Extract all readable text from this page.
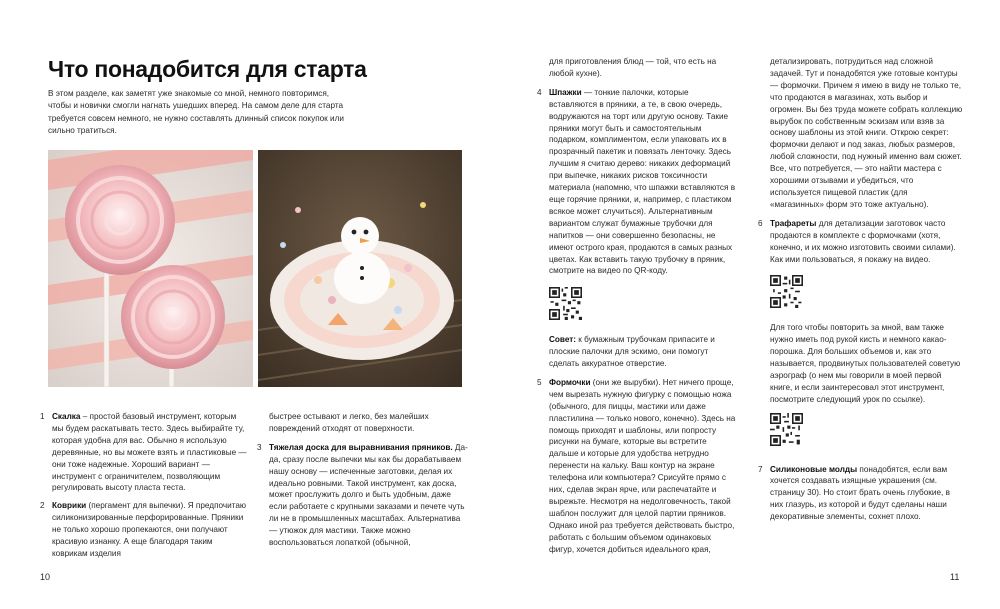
Что понадобится для старта
В этом разделе, как заметят уже знакомые со мной, немного повторимся, чтобы и новички смогли нагнать ушедших вперед. На самом деле для старта требуется совсем немного, не нужно составлять длинный список покупок или сильно тратиться.
1 Скалка – простой базовый инструмент, которым мы будем раскатывать тесто. Здесь выбирайте ту, которая удобна для вас. Обычно я использую деревянные, но вы можете взять и пластиковые — они тоже надежные. Хороший вариант — инструмент с ограничителем, позволяющим регулировать высоту пласта теста.
2 Коврики (пергамент для выпечки). Я предпочитаю силиконизированные перфорированные. Пряники не только хорошо пропекаются, они получают красивую изнанку. А еще благодаря таким коврикам изделия

быстрее остывают и легко, без малейших повреждений отходят от поверхности.

3 Тяжелая доска для выравнивания пряников. Да-да, сразу после выпечки мы как бы дорабатываем нашу основу — испеченные заготовки, делая их идеально ровными. Такой инструмент, как доска, может прослужить долго и быть удобным, даже если работаете с крупными заказами и печете чуть ли не в промышленных масштабах. Альтернатива — утюжок для мастики. Также можно воспользоваться лопаткой (обычной,

для приготовления блюд — той, что есть на любой кухне).

4 Шпажки — тонкие палочки, которые вставляются в пряники, а те, в свою очередь, водружаются на торт или другую основу. Такие пряники могут быть и самостоятельным подарком, комплиментом, если упаковать их в прозрачный пакетик и повязать ленточку. Здесь лучшим я считаю дерево: никаких деформаций при выпечке, никаких рисков токсичности материала (напомню, что шпажки вставляются в еще горячие пряники, и, например, с пластиком всякое может случиться). Альтернативным вариантом служат бумажные трубочки для напитков — они совершенно безопасны, не имеют острого края, продаются в самых разных цветах. Как вставить такую трубочку в пряник, смотрите на видео по QR-коду.

Совет: к бумажным трубочкам припасите и плоские палочки для эскимо, они помогут сделать аккуратное отверстие.

5 Формочки (они же вырубки). Нет ничего проще, чем вырезать нужную фигурку с помощью ножа (обычного, для пиццы, мастики или даже пластилина — только нового, конечно). Здесь на помощь приходят и шаблоны, или попросту рисунки на бумаге, которые вы встретите дальше и которые для удобства нетрудно перенести на кальку. Ваш контур на экране телефона или компьютера? Срисуйте прямо с них, сделав экран ярче, или распечатайте и вырежьте. Несмотря на недолговечность, такой шаблон послужит для целой партии пряников. Однако иной раз требуется действовать быстро, работать с большим объемом одинаковых фигур, хочется добиться идеального края,

детализировать, потрудиться над сложной задачей. Тут и понадобятся уже готовые контуры — формочки. Причем я имею в виду не только те, что продаются в магазинах, хоть выбор и огромен. Вы без труда можете собрать коллекцию вырубок по собственным эскизам или взяв за основу шаблоны из этой книги. Открою секрет: формочки делают и под заказ, любых размеров, любой сложности, под нужный именно вам сюжет. Все, что потребуется, — это найти мастера с хорошими отзывами и убедиться, что используется пищевой пластик (для «магазинных» форм это тоже актуально).

6 Трафареты для детализации заготовок часто продаются в комплекте с формочками (хотя, конечно, и их можно изготовить своими силами). Как ими пользоваться, я покажу на видео.

Для того чтобы повторить за мной, вам также нужно иметь под рукой кисть и немного какао-порошка. Для больших объемов и, как это называется, продвинутых пользователей советую аэрограф (о нем мы говорили в моей первой книге, и если заинтересовал этот инструмент, посмотрите следующий урок по ссылке).

7 Силиконовые молды понадобятся, если вам хочется создавать изящные украшения (см. страницу 30). Но стоит брать очень глубокие, в них глазурь, из которой и будут сделаны наши декоративные элементы, сохнет плохо.
10	11
